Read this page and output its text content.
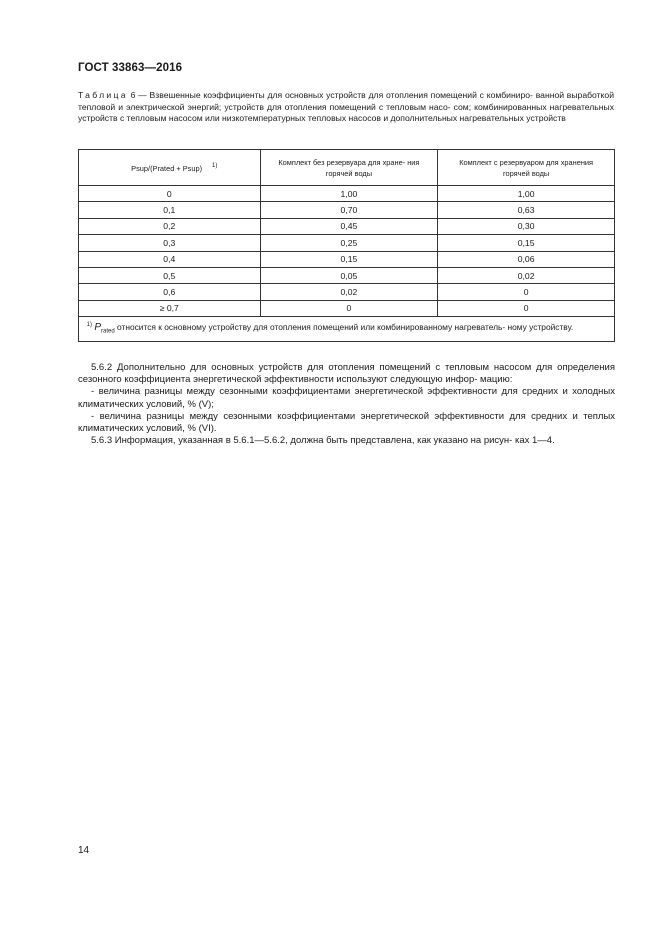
ГОСТ 33863—2016
Таблица 6 — Взвешенные коэффициенты для основных устройств для отопления помещений с комбиниро- ванной выработкой тепловой и электрической энергий; устройств для отопления помещений с тепловым насо- сом; комбинированных нагревательных устройств с тепловым насосом или низкотемпературных тепловых насосов и дополнительных нагревательных устройств
Psup/(Prated + Psup) $^{1)}$	Комплект без резервуара для хране- ния горячей воды	Комплект с резервуаром для хранения горячей воды

0	1,00	1,00
0,1	0,70	0,63
0,2	0,45	0,30
0,3	0,25	0,15
0,4	0,15	0,06
0,5	0,05	0,02
0,6	0,02	0
≥ 0,7	0	0
$^{1)}$ $P_{rated}$ относится к основному устройству для отопления помещений или комбинированному нагреватель- ному устройству.		

5.6.2 Дополнительно для основных устройств для отопления помещений с тепловым насосом для определения сезонного коэффициента энергетической эффективности используют следующую инфор- мацию:

- величина разницы между сезонными коэффициентами энергетической эффективности для средних и холодных климатических условий, % (V);

- величина разницы между сезонными коэффициентами энергетической эффективности для средних и теплых климатических условий, % (VI).

5.6.3 Информация, указанная в 5.6.1—5.6.2, должна быть представлена, как указано на рисун- ках 1—4.

14
